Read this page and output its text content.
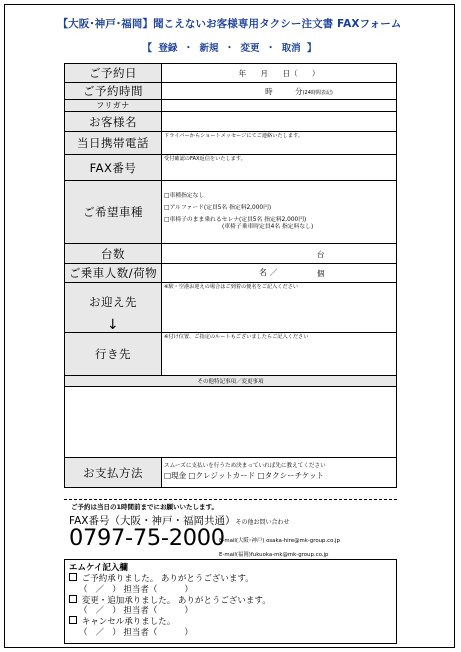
【大阪･神戸･福岡】聞こえないお客様専用タクシー注文書 FAXフォーム
【 登録 ・ 新規 ・ 変更 ・ 取消 】
ご予約日	年 月 日（ ）
ご予約時間	時 分(24時間表記)
フリガナ	
お客様名	
当日携帯電話	ドライバーからショートメッセージにてご連絡いたします。

FAX番号	受付確認のFAX返信をいたします。

ご希望車種	□車種指定なし
□アルファード(定員5名 指定料2,000円)
□車椅子のまま乗れるセレナ(定員5名 指定料2,000円)
(車椅子乗車時定員4名 指定料なし)

台数	台

ご乗車人数/荷物	名 ／ 個

お迎え先
↓	※駅・空港お迎えの場合はご到着の便名をご記入ください

行き先	※付け位置、ご指定のルートもございましたらご記入ください

その他特記事項／変更事項	

お支払方法	スムーズに支払いを行うため決まっていれば先に教えてください
□現金 □クレジットカード □タクシーチケット
ご予約は当日の1時間前までにお願いいたします。
FAX番号（大阪・神戸・福岡共通）その他お問い合わせ
0797-75-2000
E-mail(大阪･神戸) osaka-hire@mk-group.co.jp
E-mail(福岡)fukuoka-mk@mk-group.co.jp
エムケイ記入欄
ご予約承りました。 ありがとうございます。
（   ／   ） 担当者（          ）
変更・追加承りました。 ありがとうございます。
（   ／   ） 担当者（          ）
キャンセル承りました。
（   ／   ） 担当者（          ）
